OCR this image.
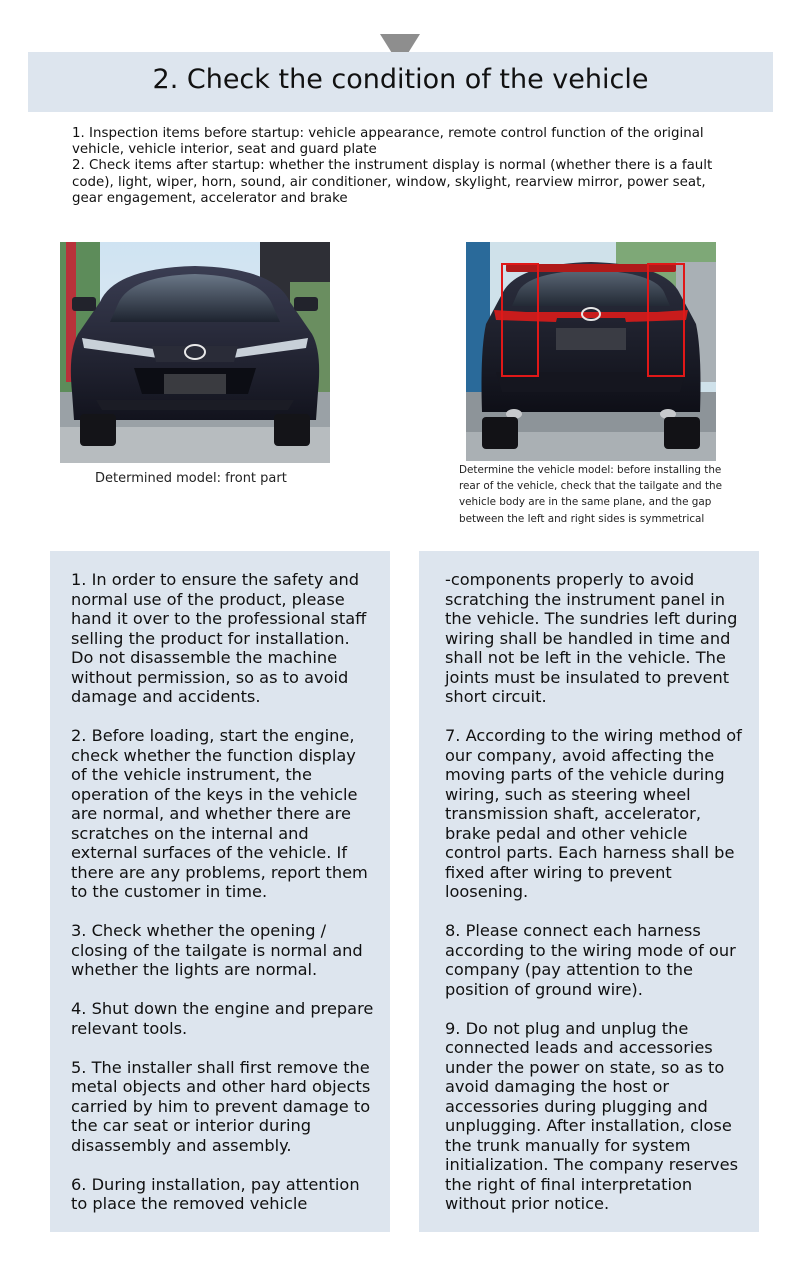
2. Check the condition of the vehicle
1. Inspection items before startup: vehicle appearance, remote control function of the original vehicle, vehicle interior, seat and guard plate
2. Check items after startup: whether the instrument display is normal (whether there is a fault code), light, wiper, horn, sound, air conditioner, window, skylight, rearview mirror, power seat, gear engagement, accelerator and brake
Determined model: front part
Determine the vehicle model: before installing the rear of the vehicle, check that the tailgate and the vehicle body are in the same plane, and the gap between the left and right sides is symmetrical

1. In order to ensure the safety and normal use of the product, please hand it over to the professional staff selling the product for installation. Do not disassemble the machine without permission, so as to avoid damage and accidents.

2. Before loading, start the engine, check whether the function display of the vehicle instrument, the operation of the keys in the vehicle are normal, and whether there are scratches on the internal and external surfaces of the vehicle. If there are any problems, report them to the customer in time.

3. Check whether the opening / closing of the tailgate is normal and whether the lights are normal.

4. Shut down the engine and prepare relevant tools.

5. The installer shall first remove the metal objects and other hard objects carried by him to prevent damage to the car seat or interior during disassembly and assembly.

6. During installation, pay attention to place the removed vehicle

-components properly to avoid scratching the instrument panel in the vehicle. The sundries left during wiring shall be handled in time and shall not be left in the vehicle. The joints must be insulated to prevent short circuit.

7. According to the wiring method of our company, avoid affecting the moving parts of the vehicle during wiring, such as steering wheel transmission shaft, accelerator, brake pedal and other vehicle control parts. Each harness shall be fixed after wiring to prevent loosening.

8. Please connect each harness according to the wiring mode of our company (pay attention to the position of ground wire).

9. Do not plug and unplug the connected leads and accessories under the power on state, so as to avoid damaging the host or accessories during plugging and unplugging. After installation, close the trunk manually for system initialization. The company reserves the right of final interpretation without prior notice.
